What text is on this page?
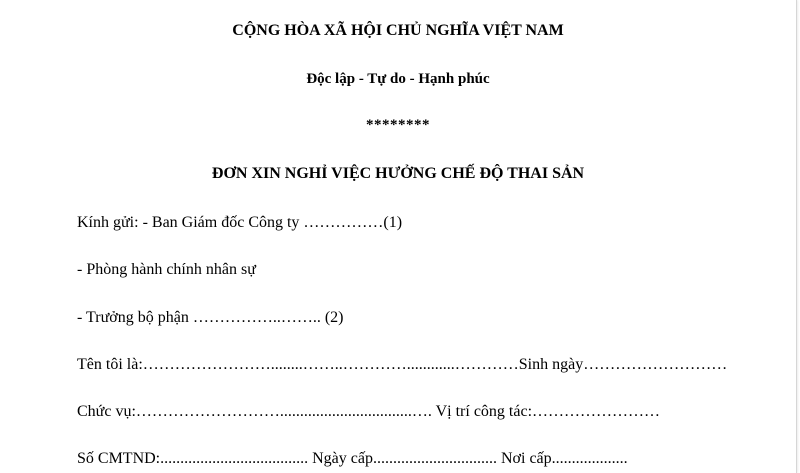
CỘNG HÒA XÃ HỘI CHỦ NGHĨA VIỆT NAM
Độc lập - Tự do - Hạnh phúc
********
ĐƠN XIN NGHỈ VIỆC HƯỞNG CHẾ ĐỘ THAI SẢN
Kính gửi: - Ban Giám đốc Công ty ……………(1)
- Phòng hành chính nhân sự
- Trưởng bộ phận ……………..…….. (2)
Tên tôi là:……………………........……..…………............…………Sinh ngày………………………
Chức vụ:……………………….................................…. Vị trí công tác:……………………
Số CMTND:..................................... Ngày cấp............................... Nơi cấp...................
